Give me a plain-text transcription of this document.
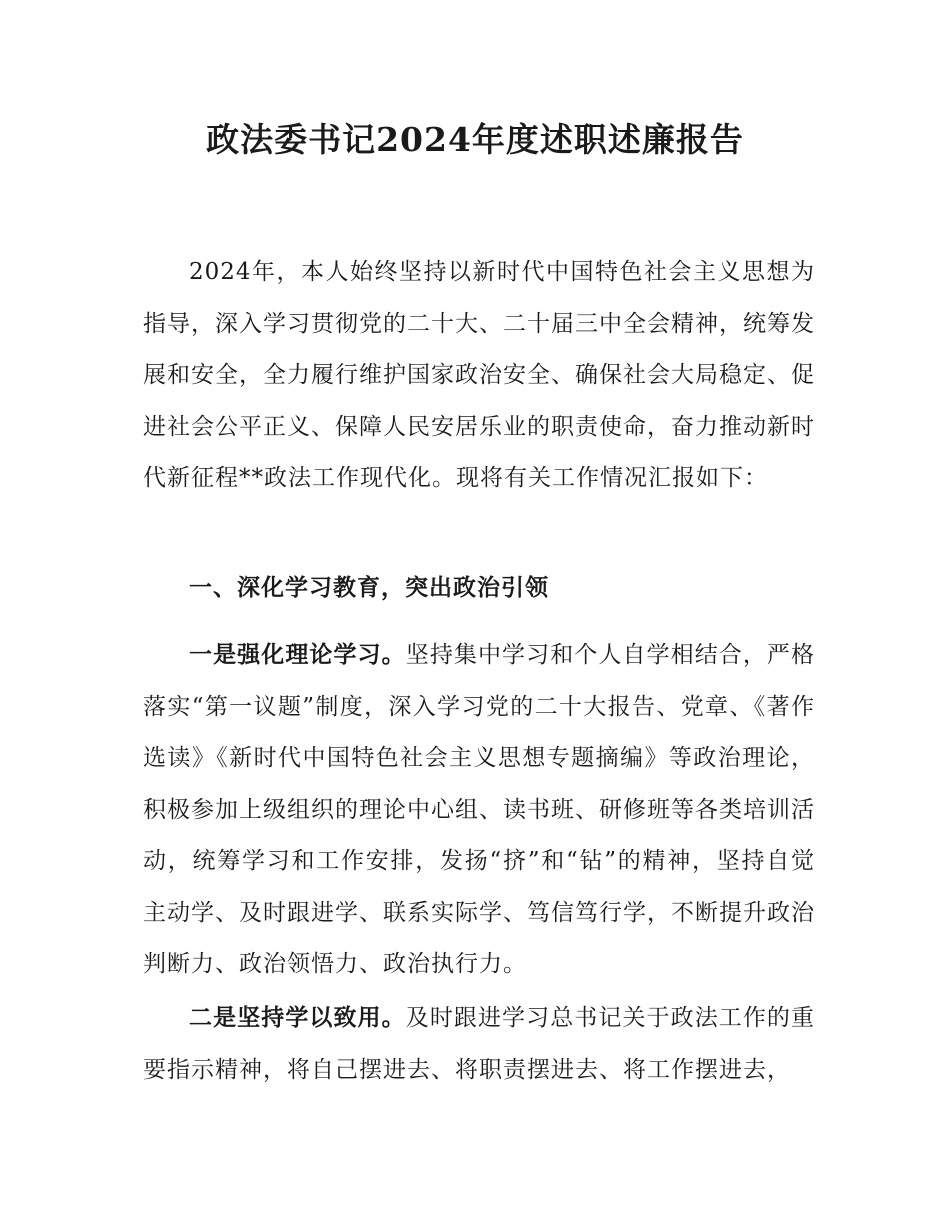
政法委书记2024年度述职述廉报告

2024年，本人始终坚持以新时代中国特色社会主义思想为指导，深入学习贯彻党的二十大、二十届三中全会精神，统筹发展和安全，全力履行维护国家政治安全、确保社会大局稳定、促进社会公平正义、保障人民安居乐业的职责使命，奋力推动新时代新征程**政法工作现代化。现将有关工作情况汇报如下：

一、深化学习教育，突出政治引领

一是强化理论学习。坚持集中学习和个人自学相结合，严格落实“第一议题”制度，深入学习党的二十大报告、党章、《著作选读》《新时代中国特色社会主义思想专题摘编》等政治理论，积极参加上级组织的理论中心组、读书班、研修班等各类培训活动，统筹学习和工作安排，发扬“挤”和“钻”的精神，坚持自觉主动学、及时跟进学、联系实际学、笃信笃行学，不断提升政治判断力、政治领悟力、政治执行力。

二是坚持学以致用。及时跟进学习总书记关于政法工作的重要指示精神，将自己摆进去、将职责摆进去、将工作摆进去，
